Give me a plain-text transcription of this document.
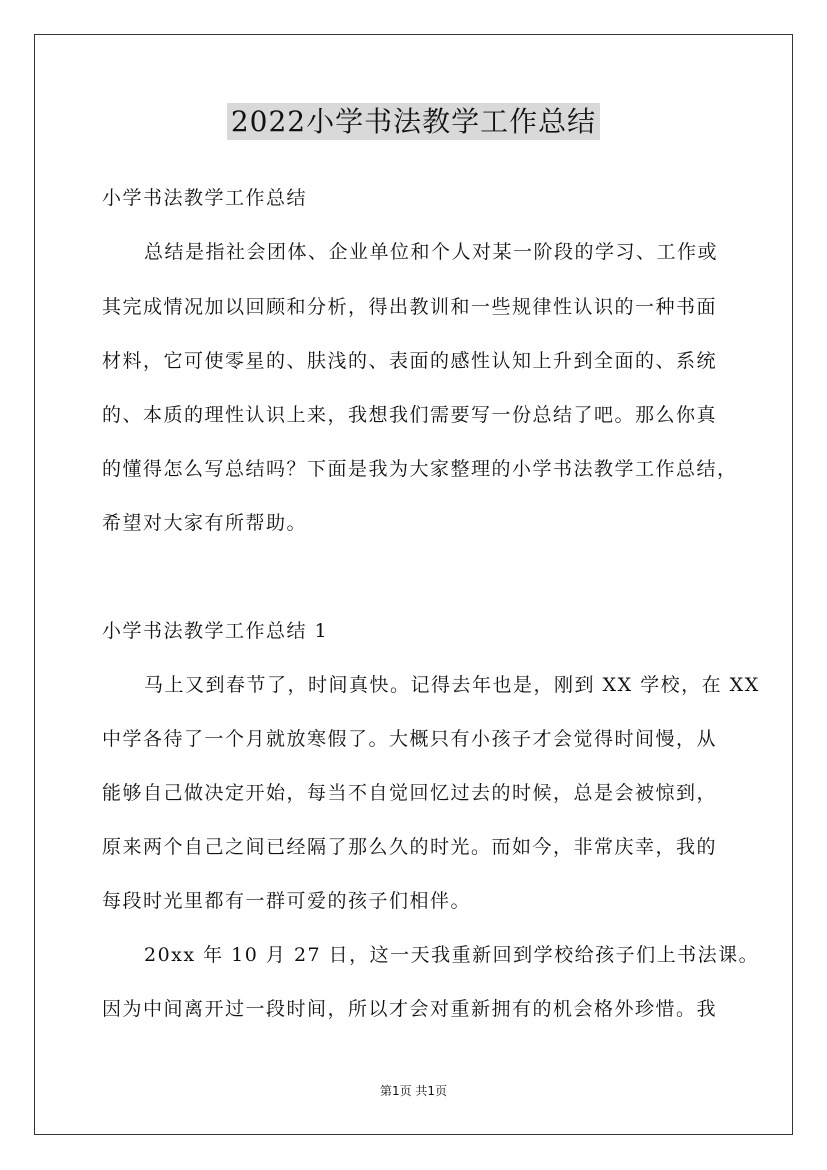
2022小学书法教学工作总结
小学书法教学工作总结
总结是指社会团体、企业单位和个人对某一阶段的学习、工作或
其完成情况加以回顾和分析，得出教训和一些规律性认识的一种书面
材料，它可使零星的、肤浅的、表面的感性认知上升到全面的、系统
的、本质的理性认识上来，我想我们需要写一份总结了吧。那么你真
的懂得怎么写总结吗？下面是我为大家整理的小学书法教学工作总结，
希望对大家有所帮助。
小学书法教学工作总结 1
马上又到春节了，时间真快。记得去年也是，刚到 XX 学校，在 XX
中学各待了一个月就放寒假了。大概只有小孩子才会觉得时间慢，从
能够自己做决定开始，每当不自觉回忆过去的时候，总是会被惊到，
原来两个自己之间已经隔了那么久的时光。而如今，非常庆幸，我的
每段时光里都有一群可爱的孩子们相伴。
20xx 年 10 月 27 日，这一天我重新回到学校给孩子们上书法课。
因为中间离开过一段时间，所以才会对重新拥有的机会格外珍惜。我
第1页 共1页
